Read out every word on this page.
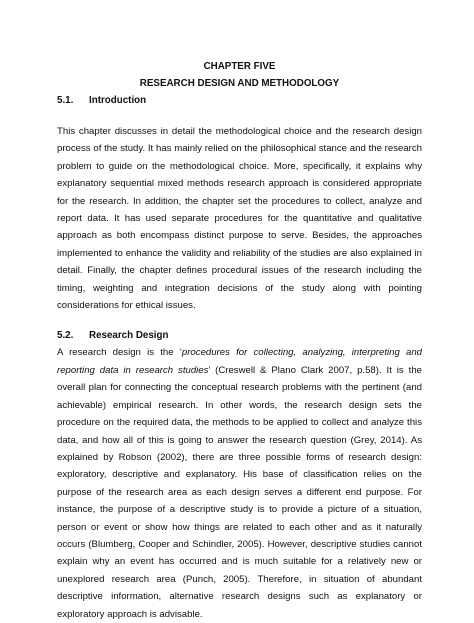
CHAPTER FIVE
RESEARCH DESIGN AND METHODOLOGY
5.1.	Introduction

This chapter discusses in detail the methodological choice and the research design process of the study. It has mainly relied on the philosophical stance and the research problem to guide on the methodological choice. More, specifically, it explains why explanatory sequential mixed methods research approach is considered appropriate for the research. In addition, the chapter set the procedures to collect, analyze and report data. It has used separate procedures for the quantitative and qualitative approach as both encompass distinct purpose to serve. Besides, the approaches implemented to enhance the validity and reliability of the studies are also explained in detail. Finally, the chapter defines procedural issues of the research including the timing, weighting and integration decisions of the study along with pointing considerations for ethical issues.

5.2.	Research Design

A research design is the ‘procedures for collecting, analyzing, interpreting and reporting data in research studies’ (Creswell & Plano Clark 2007, p.58). It is the overall plan for connecting the conceptual research problems with the pertinent (and achievable) empirical research. In other words, the research design sets the procedure on the required data, the methods to be applied to collect and analyze this data, and how all of this is going to answer the research question (Grey, 2014). As explained by Robson (2002), there are three possible forms of research design: exploratory, descriptive and explanatory. His base of classification relies on the purpose of the research area as each design serves a different end purpose. For instance, the purpose of a descriptive study is to provide a picture of a situation, person or event or show how things are related to each other and as it naturally occurs (Blumberg, Cooper and Schindler, 2005). However, descriptive studies cannot explain why an event has occurred and is much suitable for a relatively new or unexplored research area (Punch, 2005). Therefore, in situation of abundant descriptive information, alternative research designs such as explanatory or exploratory approach is advisable.
